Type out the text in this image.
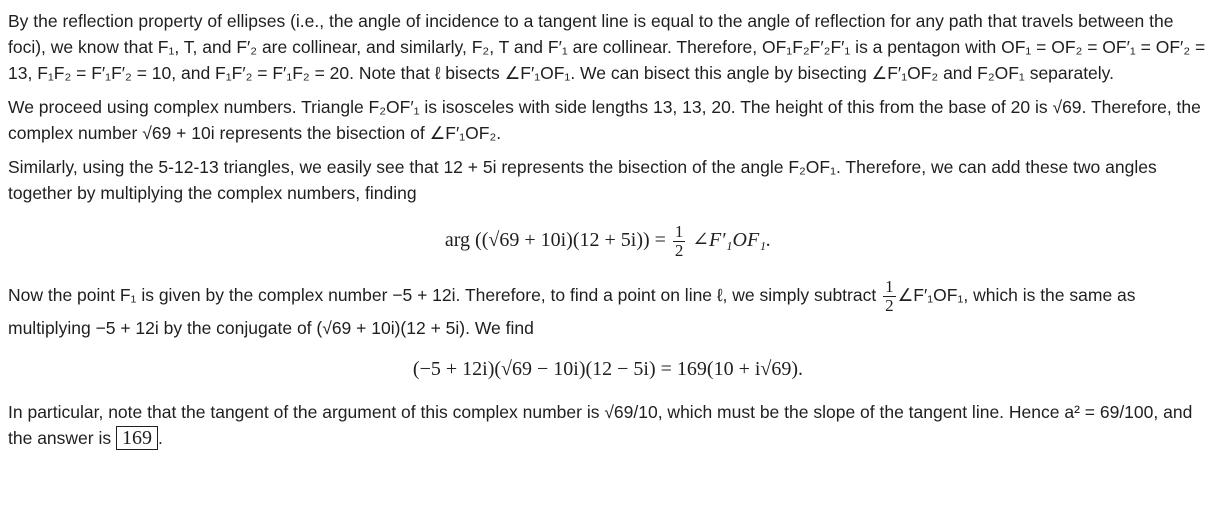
By the reflection property of ellipses (i.e., the angle of incidence to a tangent line is equal to the angle of reflection for any path that travels between the foci), we know that F₁, T, and F′₂ are collinear, and similarly, F₂, T and F′₁ are collinear. Therefore, OF₁F₂F′₂F′₁ is a pentagon with OF₁ = OF₂ = OF′₁ = OF′₂ = 13, F₁F₂ = F′₁F′₂ = 10, and F₁F′₂ = F′₁F₂ = 20. Note that ℓ bisects ∠F′₁OF₁. We can bisect this angle by bisecting ∠F′₁OF₂ and F₂OF₁ separately.

We proceed using complex numbers. Triangle F₂OF′₁ is isosceles with side lengths 13, 13, 20. The height of this from the base of 20 is √69. Therefore, the complex number √69 + 10i represents the bisection of ∠F′₁OF₂.

Similarly, using the 5-12-13 triangles, we easily see that 12 + 5i represents the bisection of the angle F₂OF₁. Therefore, we can add these two angles together by multiplying the complex numbers, finding

arg $((√69 + 10i)(12 + 5i)) = \frac{1}{2}$ ∠F′₁OF₁.

Now the point F₁ is given by the complex number −5 + 12i. Therefore, to find a point on line ℓ, we simply subtract $\frac{1}{2}$ ∠F′₁OF₁, which is the same as multiplying −5 + 12i by the conjugate of (√69 + 10i)(12 + 5i). We find

(−5 + 12i)(√69 − 10i)(12 − 5i) = 169(10 + i√69).

In particular, note that the tangent of the argument of this complex number is √69/10, which must be the slope of the tangent line. Hence a² = 69/100, and the answer is 169 .
